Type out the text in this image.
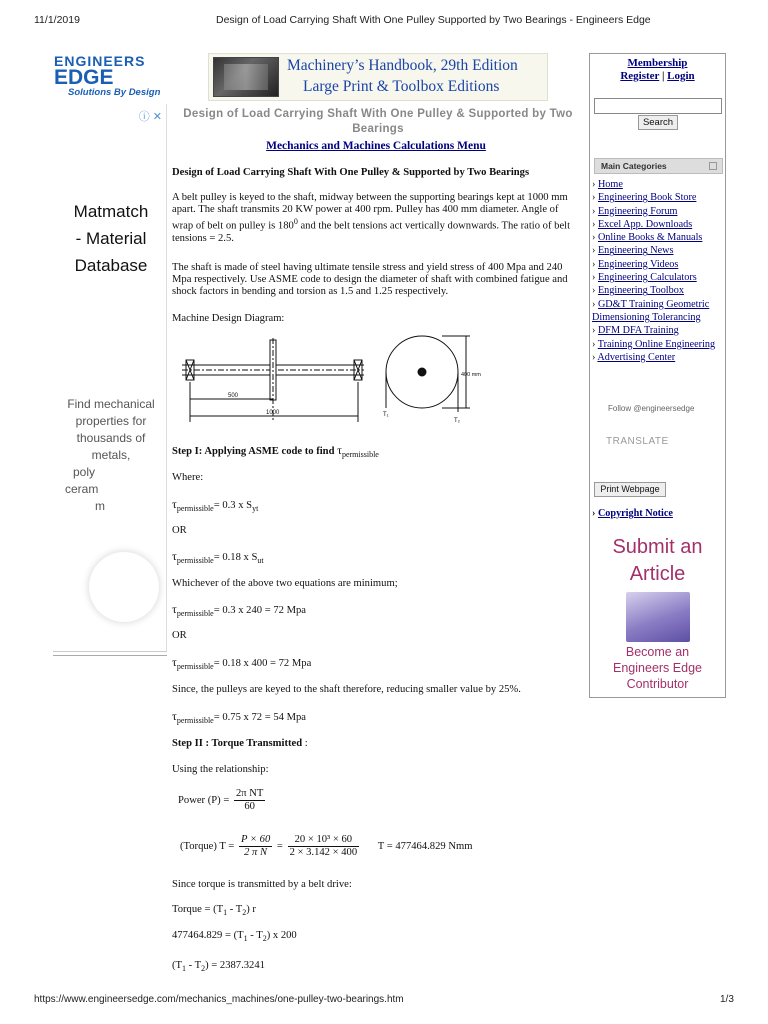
11/1/2019	Design of Load Carrying Shaft With One Pulley Supported by Two Bearings - Engineers Edge
ENGINEERS
EDGE
Solutions By Design
Machinery’s Handbook, 29th Edition
Large Print & Toolbox Editions
ⓘ ✕
Matmatch
- Material
Database
Find mechanical
properties for
thousands of
metals,
poly
ceram
m
Design of Load Carrying Shaft With One Pulley & Supported by Two Bearings
Mechanics and Machines Calculations Menu
Design of Load Carrying Shaft With One Pulley & Supported by Two Bearings
A belt pulley is keyed to the shaft, midway between the supporting bearings kept at 1000 mm apart. The shaft transmits 20 KW power at 400 rpm. Pulley has 400 mm diameter. Angle of wrap of belt on pulley is $180^0$ and the belt tensions act vertically downwards. The ratio of belt tensions = 2.5.
The shaft is made of steel having ultimate tensile stress and yield stress of 400 Mpa and 240 Mpa respectively. Use ASME code to design the diameter of shaft with combined fatigue and shock factors in bending and torsion as 1.5 and 1.25 respectively.
Machine Design Diagram:
500
1000
400 mm
T₁
T₂
Step I: Applying ASME code to find $\tau_{permissible}$
Where:
$\tau_{permissible}= 0.3$ x $S_{yt}$
OR
$\tau_{permissible}= 0.18$ x $S_{ut}$
Whichever of the above two equations are minimum;
$\tau_{permissible}= 0.3$ x 240 = 72 Mpa
OR
$\tau_{permissible}= 0.18$ x 400 = 72 Mpa
Since, the pulleys are keyed to the shaft therefore, reducing smaller value by 25%.
$\tau_{permissible}= 0.75$ x 72 = 54 Mpa
Step II : Torque Transmitted :
Using the relationship:
Power $(P) = \frac{\text{2π NT}}{60}$
(Torque) $T = \frac{P \times 60}{\text{2 π N}} = \frac{\text{20 × 10³ × 60}}{2 \times 3.142 \times 400}$ T = 477464.829 Nmm
Since torque is transmitted by a belt drive:
Torque = $(T_1 - T_2)$ r
$477464.829 = (T_1 - T_2)$ x 200
$(T_1 - T_2) = 2387.3241$
Membership
Register | Login
Search
Main Categories
› Home
› Engineering Book Store
› Engineering Forum
› Excel App. Downloads
› Online Books & Manuals
› Engineering News
› Engineering Videos
› Engineering Calculators
› Engineering Toolbox
› GD&T Training Geometric Dimensioning Tolerancing
› DFM DFA Training
› Training Online Engineering
› Advertising Center
Follow @engineersedge
TRANSLATE
Print Webpage
› Copyright Notice
Submit an
Article
Become an
Engineers Edge
Contributor
https://www.engineersedge.com/mechanics_machines/one-pulley-two-bearings.htm	1/3
